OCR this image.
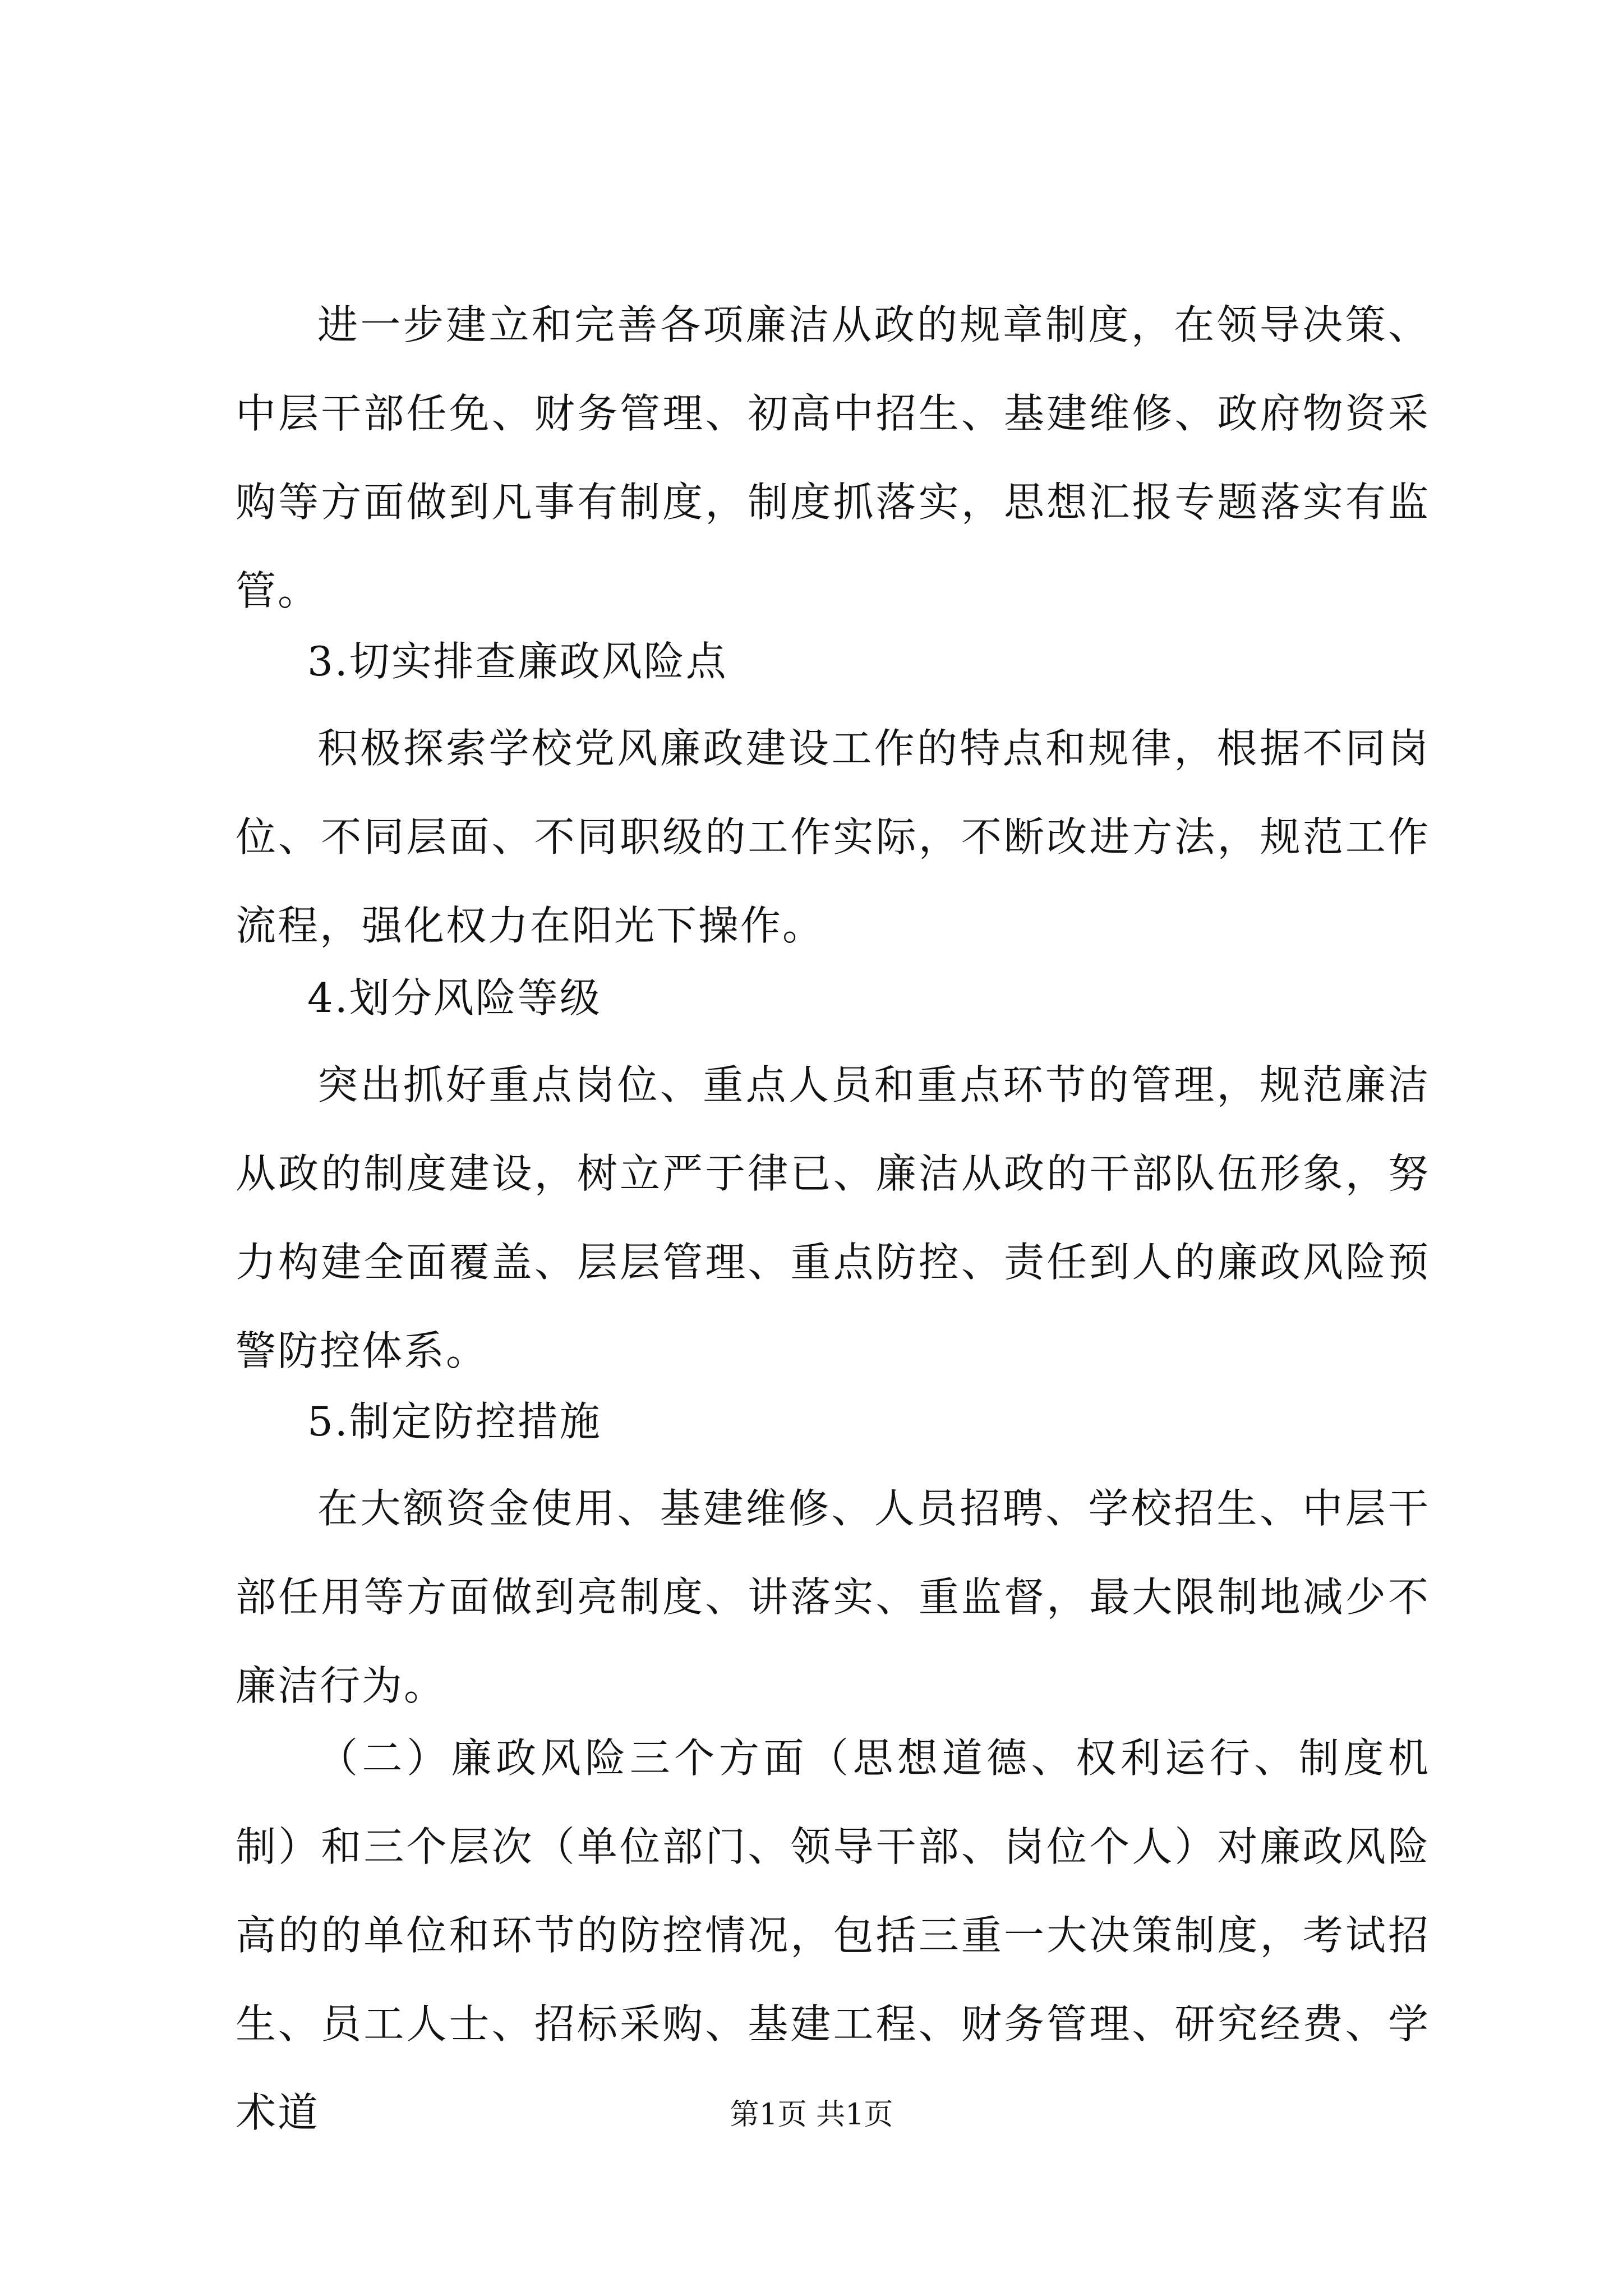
进一步建立和完善各项廉洁从政的规章制度，在领导决策、中层干部任免、财务管理、初高中招生、基建维修、政府物资采购等方面做到凡事有制度，制度抓落实，思想汇报专题落实有监管。

3.切实排查廉政风险点

积极探索学校党风廉政建设工作的特点和规律，根据不同岗位、不同层面、不同职级的工作实际，不断改进方法，规范工作流程，强化权力在阳光下操作。

4.划分风险等级

突出抓好重点岗位、重点人员和重点环节的管理，规范廉洁从政的制度建设，树立严于律已、廉洁从政的干部队伍形象，努力构建全面覆盖、层层管理、重点防控、责任到人的廉政风险预警防控体系。

5.制定防控措施

在大额资金使用、基建维修、人员招聘、学校招生、中层干部任用等方面做到亮制度、讲落实、重监督，最大限制地减少不廉洁行为。

（二）廉政风险三个方面（思想道德、权利运行、制度机制）和三个层次（单位部门、领导干部、岗位个人）对廉政风险高的的单位和环节的防控情况，包括三重一大决策制度，考试招生、员工人士、招标采购、基建工程、财务管理、研究经费、学术道	第1页 共1页
